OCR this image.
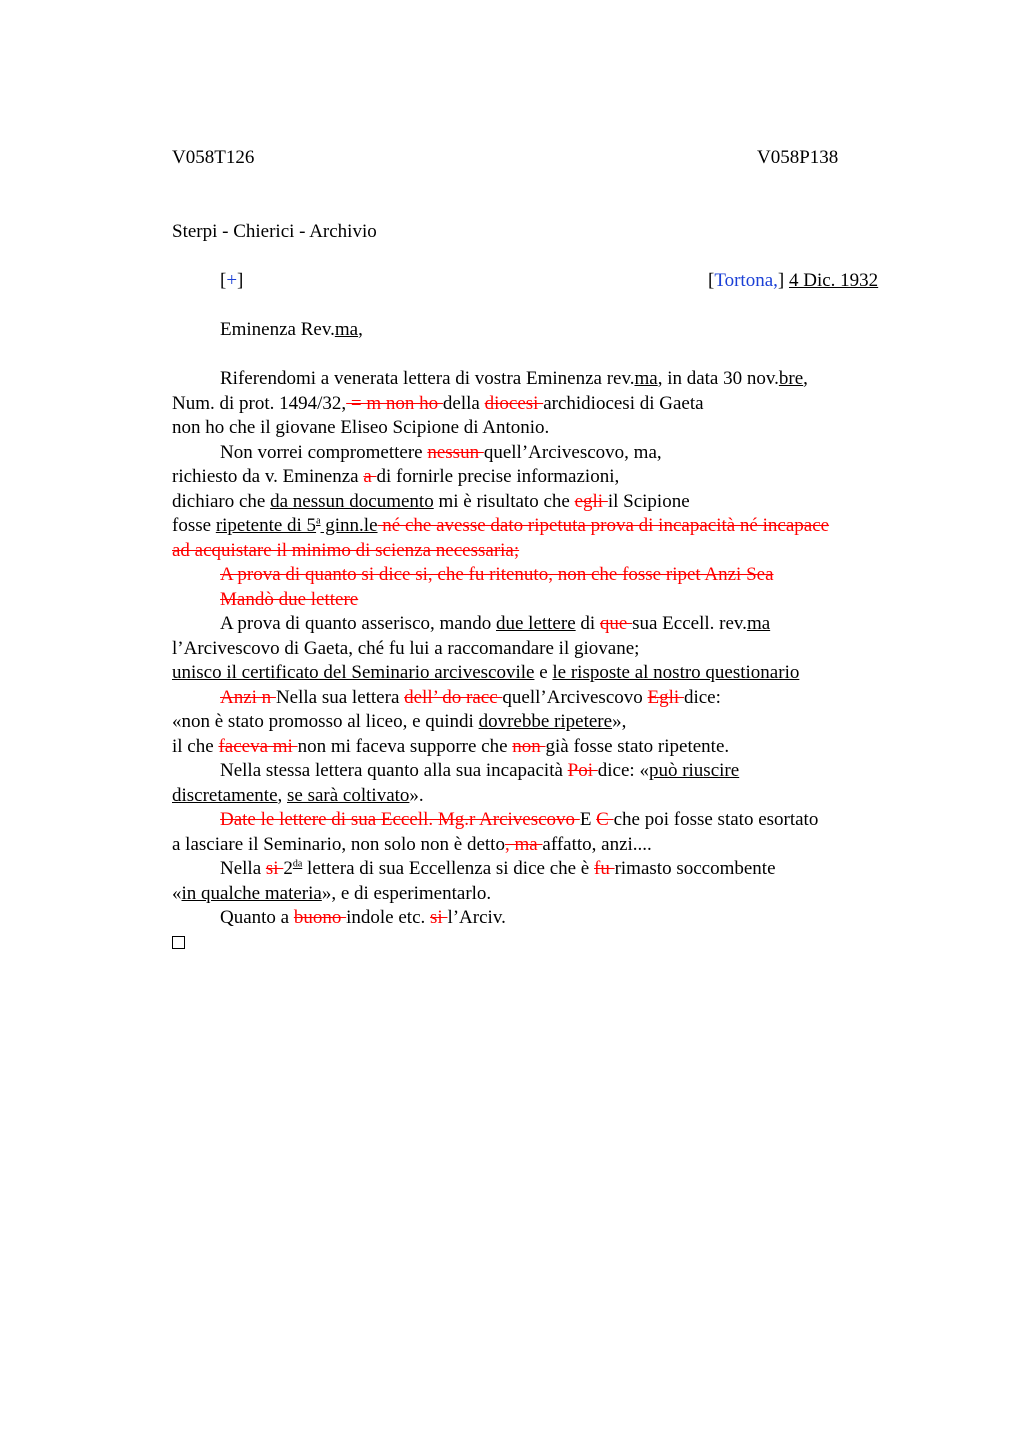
V058T126	V058P138
Sterpi - Chierici - Archivio
[+]	[Tortona,] 4 Dic. 1932
Eminenza Rev.ma,
Riferendomi a venerata lettera di vostra Eminenza rev.ma, in data 30 nov.bre,
Num. di prot. 1494/32, = m non ho della diocesi archidiocesi di Gaeta
non ho che il giovane Eliseo Scipione di Antonio.
Non vorrei compromettere nessun quell’Arcivescovo, ma,
richiesto da v. Eminenza a di fornirle precise informazioni,
dichiaro che da nessun documento mi è risultato che egli il Scipione
fosse ripetente di 5$^a$ ginn.le né che avesse dato ripetuta prova di incapacità né incapace
ad acquistare il minimo di scienza necessaria;
A prova di quanto si dice si, che fu ritenuto, non che fosse ripet Anzi Sea
Mandò due lettere
A prova di quanto asserisco, mando due lettere di que sua Eccell. rev.ma
l’Arcivescovo di Gaeta, ché fu lui a raccomandare il giovane;
unisco il certificato del Seminario arcivescovile e le risposte al nostro questionario
Anzi n Nella sua lettera dell’ do racc quell’Arcivescovo Egli dice:
«non è stato promosso al liceo, e quindi dovrebbe ripetere»,
il che faceva mi non mi faceva supporre che non già fosse stato ripetente.
Nella stessa lettera quanto alla sua incapacità Poi dice: «può riuscire
discretamente, se sarà coltivato».
Date le lettere di sua Eccell. Mg.r Arcivescovo E C che poi fosse stato esortato
a lasciare il Seminario, non solo non è detto, ma affatto, anzi....
Nella si $2^{da}$ lettera di sua Eccellenza si dice che è fu rimasto soccombente
«in qualche materia», e di esperimentarlo.
Quanto a buono indole etc. si l’Arciv.
